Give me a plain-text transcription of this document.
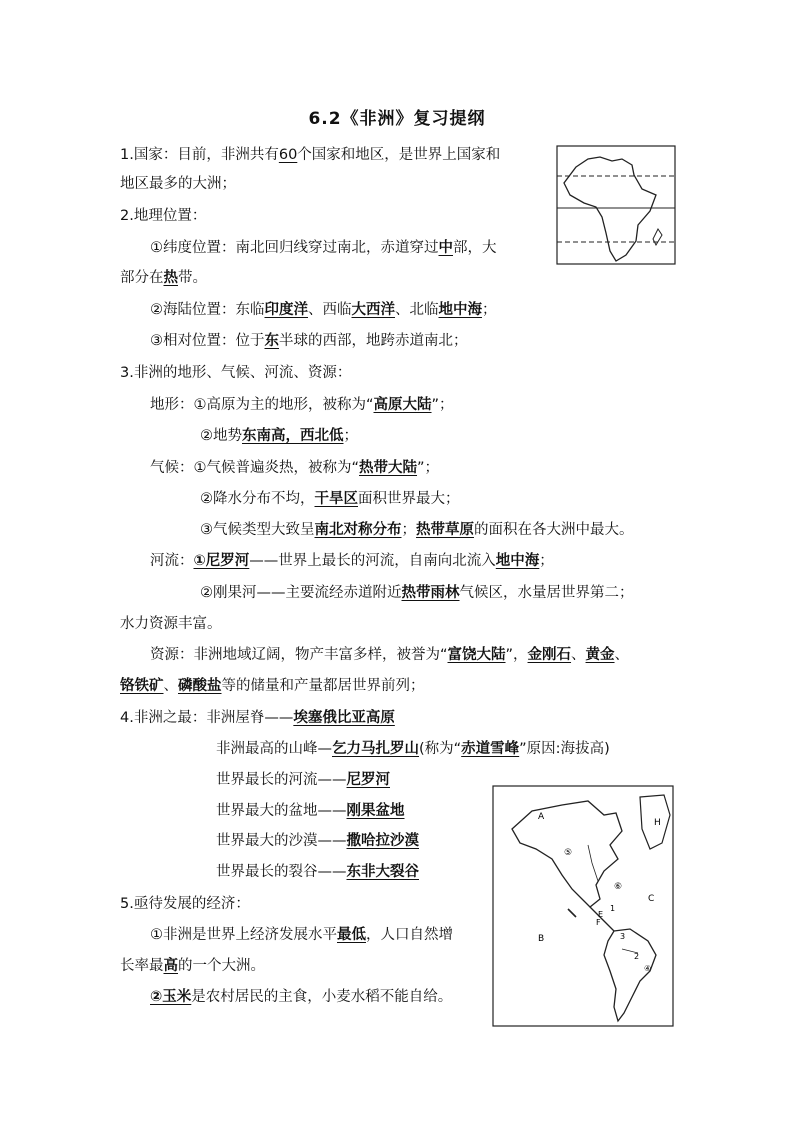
6.2《非洲》复习提纲
1.国家：目前，非洲共有60个国家和地区，是世界上国家和
地区最多的大洲；
2.地理位置：
①纬度位置：南北回归线穿过南北，赤道穿过中部，大
部分在热带。
②海陆位置：东临印度洋、西临大西洋、北临地中海；
③相对位置：位于东半球的西部，地跨赤道南北；
3.非洲的地形、气候、河流、资源：
地形：①高原为主的地形，被称为“高原大陆”；
②地势东南高，西北低；
气候：①气候普遍炎热，被称为“热带大陆”；
②降水分布不均，干旱区面积世界最大；
③气候类型大致呈南北对称分布；热带草原的面积在各大洲中最大。
河流：①尼罗河——世界上最长的河流，自南向北流入地中海；
②刚果河——主要流经赤道附近热带雨林气候区，水量居世界第二；
水力资源丰富。
资源：非洲地域辽阔，物产丰富多样，被誉为“富饶大陆”，金刚石、黄金、
铬铁矿、磷酸盐等的储量和产量都居世界前列；
4.非洲之最：非洲屋脊——埃塞俄比亚高原
非洲最高的山峰—乞力马扎罗山(称为“赤道雪峰”原因:海拔高)
世界最长的河流——尼罗河
世界最大的盆地——刚果盆地
世界最大的沙漠——撒哈拉沙漠
世界最长的裂谷——东非大裂谷
5.亟待发展的经济：
①非洲是世界上经济发展水平最低，人口自然增
长率最高的一个大洲。
②玉米是农村居民的主食，小麦水稻不能自给。
A
H
⑤
⑥
C
B
1
E
F
2
3
④
